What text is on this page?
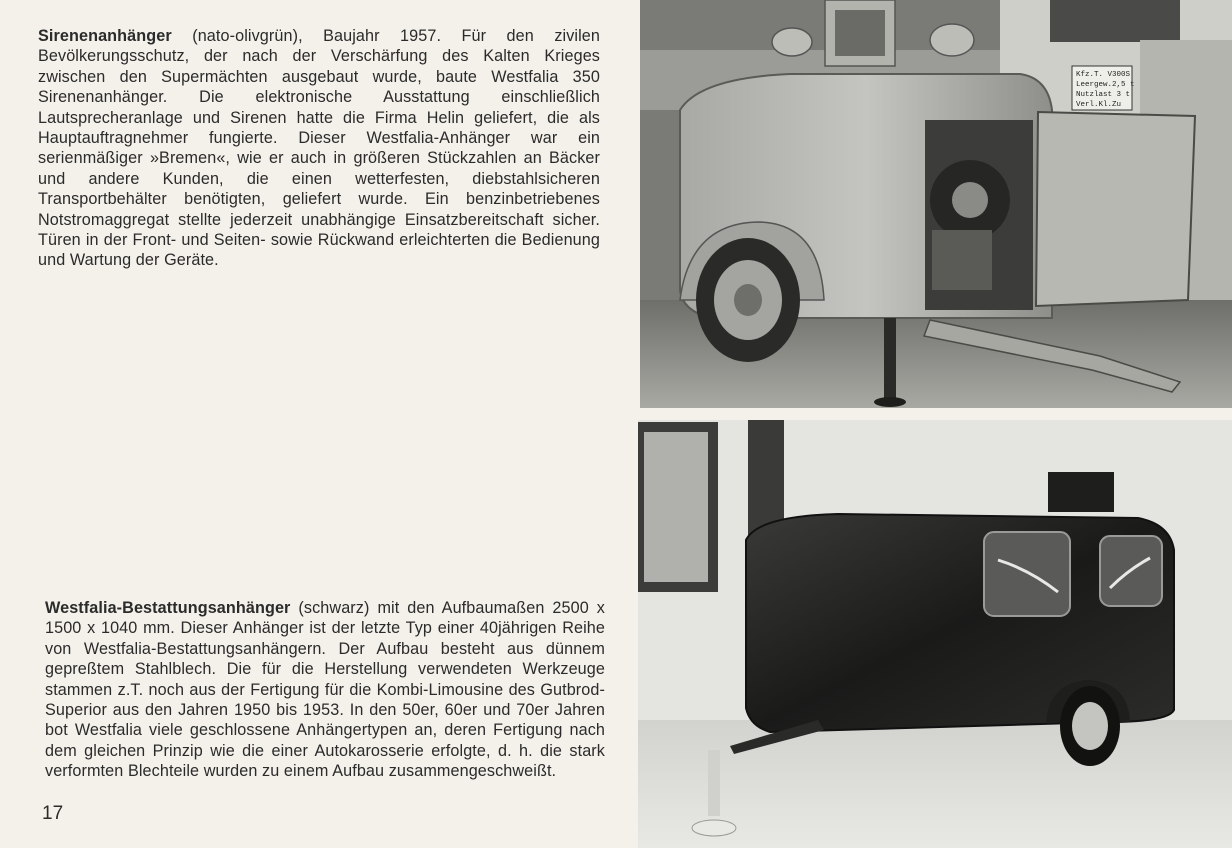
Sirenenanhänger (nato-olivgrün), Baujahr 1957. Für den zivilen Bevölkerungsschutz, der nach der Verschärfung des Kalten Krieges zwischen den Supermächten ausgebaut wurde, baute Westfalia 350 Sirenenanhänger. Die elektronische Ausstattung einschließlich Lautsprecheranlage und Sirenen hatte die Firma Helin geliefert, die als Hauptauftragnehmer fungierte. Dieser Westfalia-Anhänger war ein serienmäßiger »Bremen«, wie er auch in größeren Stückzahlen an Bäcker und andere Kunden, die einen wetterfesten, diebstahlsicheren Transportbehälter benötigten, geliefert wurde. Ein benzinbetriebenes Notstromaggregat stellte jederzeit unabhängige Einsatzbereitschaft sicher. Türen in der Front- und Seiten- sowie Rückwand erleichterten die Bedienung und Wartung der Geräte.
Westfalia-Bestattungsanhänger (schwarz) mit den Aufbaumaßen 2500 x 1500 x 1040 mm. Dieser Anhänger ist der letzte Typ einer 40jährigen Reihe von Westfalia-Bestattungsanhängern. Der Aufbau besteht aus dünnem gepreßtem Stahlblech. Die für die Herstellung verwendeten Werkzeuge stammen z.T. noch aus der Fertigung für die Kombi-Limousine des Gutbrod-Superior aus den Jahren 1950 bis 1953. In den 50er, 60er und 70er Jahren bot Westfalia viele geschlossene Anhängertypen an, deren Fertigung nach dem gleichen Prinzip wie die einer Autokarosserie erfolgte, d. h. die stark verformten Blechteile wurden zu einem Aufbau zusammengeschweißt.
17
Kfz.T. V300S
Leergew.2,5 t
Nutzlast 3 t
Verl.Kl.Zu
